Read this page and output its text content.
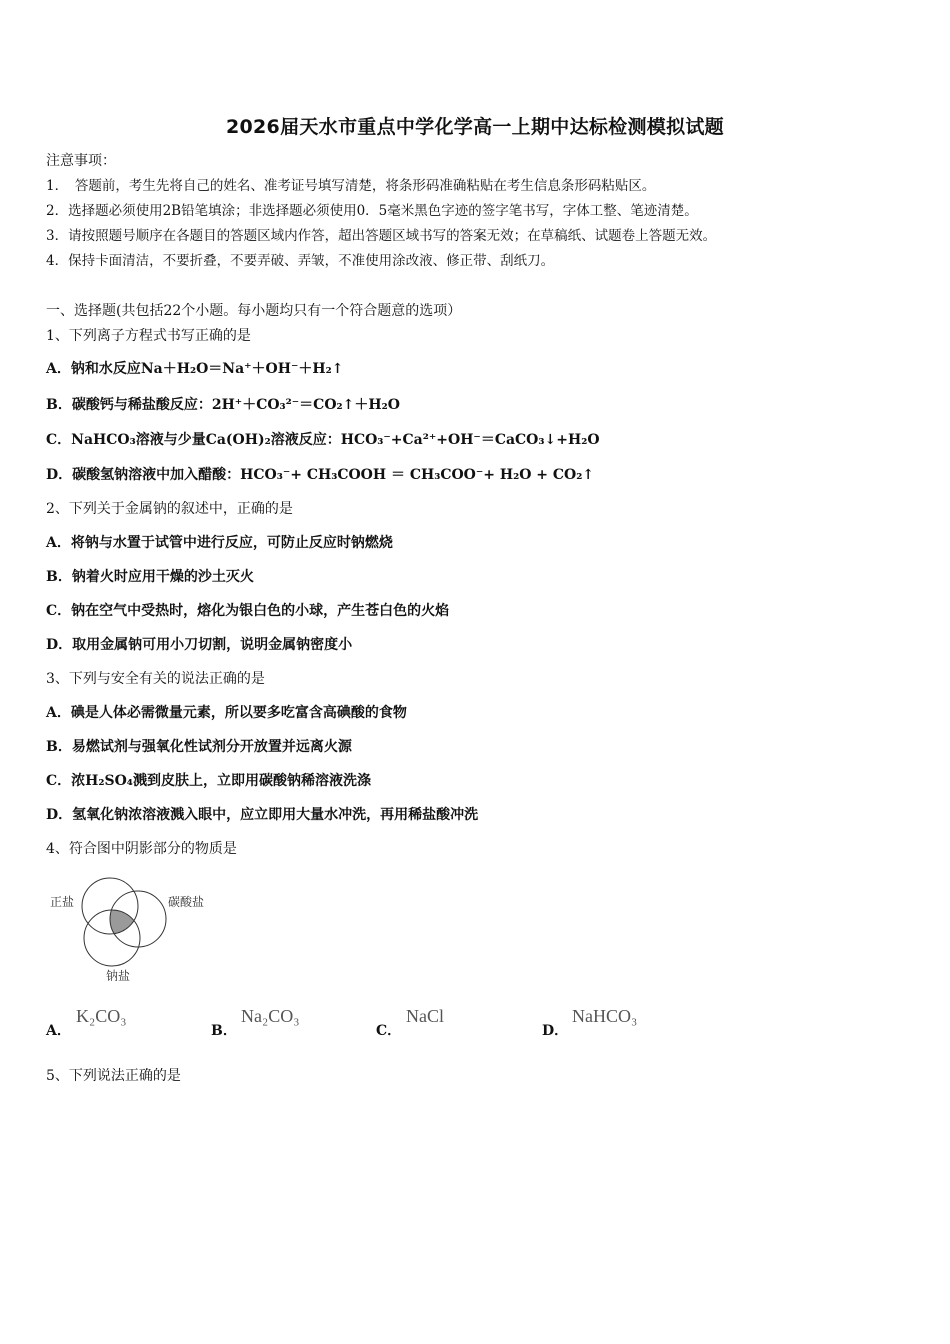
2026届天水市重点中学化学高一上期中达标检测模拟试题
注意事项：
1．　答题前，考生先将自己的姓名、准考证号填写清楚，将条形码准确粘贴在考生信息条形码粘贴区。
2．选择题必须使用2B铅笔填涂；非选择题必须使用0．5毫米黑色字迹的签字笔书写，字体工整、笔迹清楚。
3．请按照题号顺序在各题目的答题区域内作答，超出答题区域书写的答案无效；在草稿纸、试题卷上答题无效。
4．保持卡面清洁，不要折叠，不要弄破、弄皱，不准使用涂改液、修正带、刮纸刀。
一、选择题(共包括22个小题。每小题均只有一个符合题意的选项）
1、下列离子方程式书写正确的是
A．钠和水反应Na＋H₂O＝Na⁺＋OH⁻＋H₂↑
B．碳酸钙与稀盐酸反应：2H⁺＋CO₃²⁻＝CO₂↑＋H₂O
C．NaHCO₃溶液与少量Ca(OH)₂溶液反应：HCO₃⁻+Ca²⁺+OH⁻＝CaCO₃↓+H₂O
D．碳酸氢钠溶液中加入醋酸：HCO₃⁻+ CH₃COOH ＝ CH₃COO⁻+ H₂O + CO₂↑
2、下列关于金属钠的叙述中，正确的是
A．将钠与水置于试管中进行反应，可防止反应时钠燃烧
B．钠着火时应用干燥的沙土灭火
C．钠在空气中受热时，熔化为银白色的小球，产生苍白色的火焰
D．取用金属钠可用小刀切割，说明金属钠密度小
3、下列与安全有关的说法正确的是
A．碘是人体必需微量元素，所以要多吃富含高碘酸的食物
B．易燃试剂与强氧化性试剂分开放置并远离火源
C．浓H₂SO₄溅到皮肤上，立即用碳酸钠稀溶液洗涤
D．氢氧化钠浓溶液溅入眼中，应立即用大量水冲洗，再用稀盐酸冲洗
4、符合图中阴影部分的物质是
正盐	碳酸盐
钠盐
A．
K₂CO₃
B．
Na₂CO₃
C．
NaCl
D．
NaHCO₃
5、下列说法正确的是
